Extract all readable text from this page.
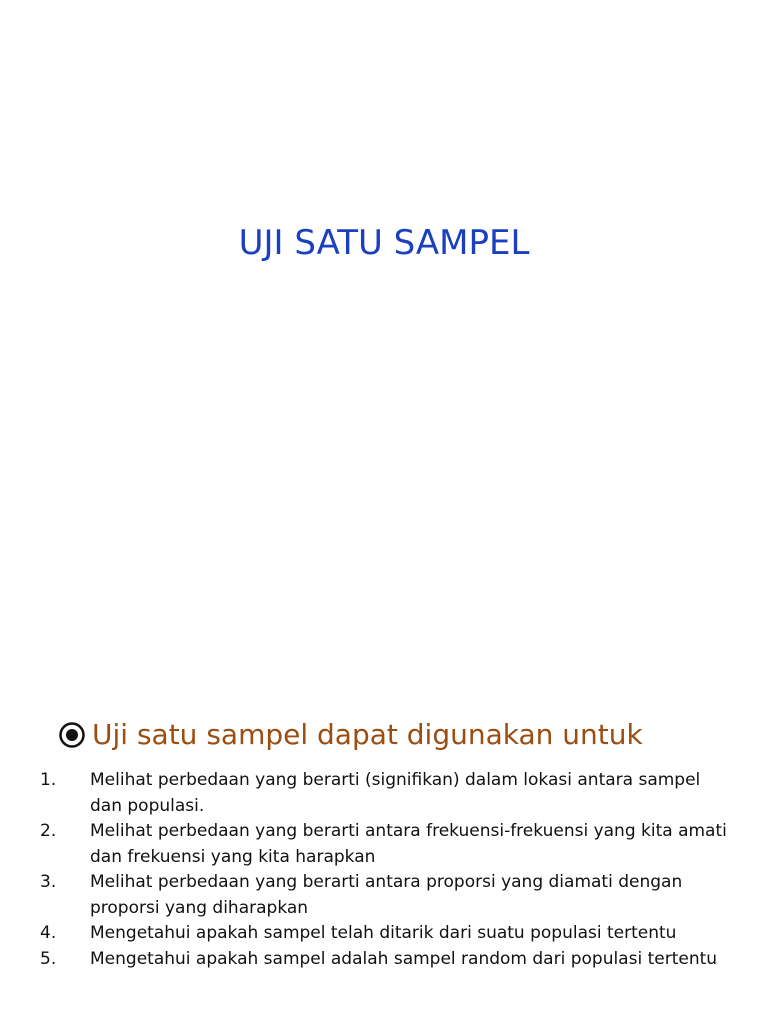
UJI SATU SAMPEL
Uji satu sampel dapat digunakan untuk
1.	Melihat perbedaan yang berarti (signifikan) dalam lokasi antara sampel dan populasi.
2.	Melihat perbedaan yang berarti antara frekuensi-frekuensi yang kita amati dan frekuensi yang kita harapkan
3.	Melihat perbedaan yang berarti antara proporsi yang diamati dengan proporsi yang diharapkan
4.	Mengetahui apakah sampel telah ditarik dari suatu populasi tertentu
5.	Mengetahui apakah sampel adalah sampel random dari populasi tertentu
